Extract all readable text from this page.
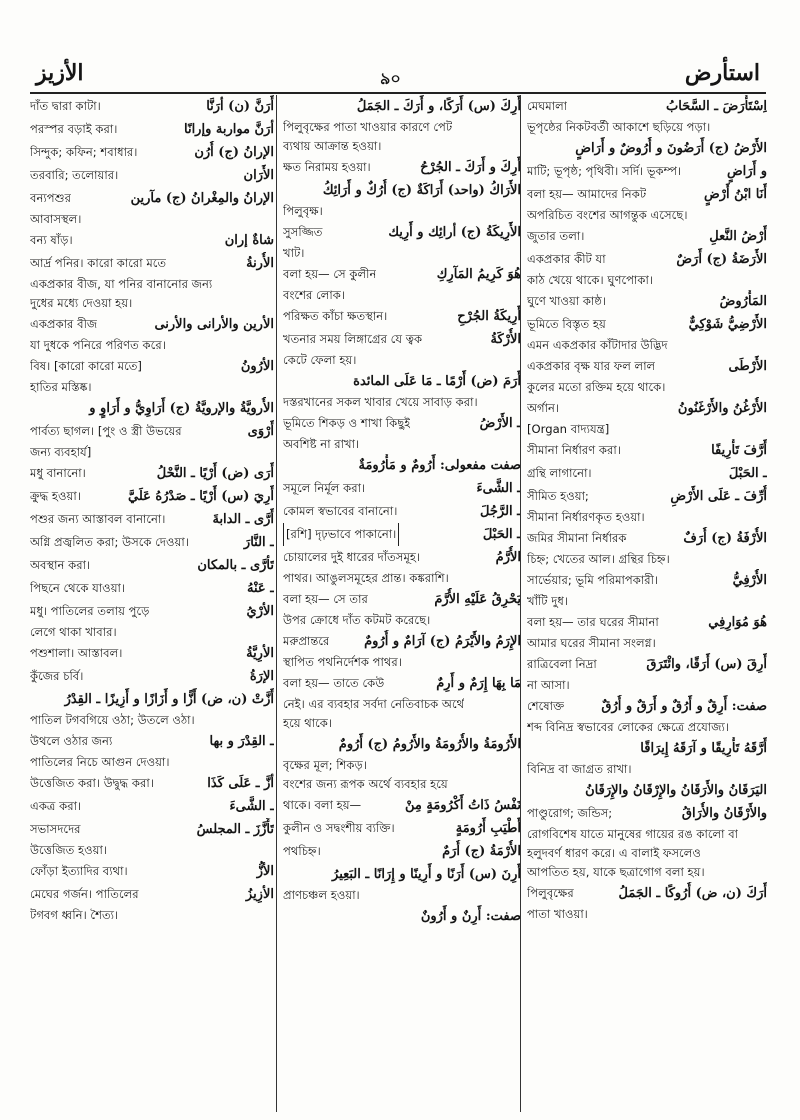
الأزيز	৯০	استأرض
أَرَنَّ (ن) أرَنَّا
দাঁত দ্বারা কাটা।
أرَنَّ مواربة وإرانًا
পরস্পর বড়াই করা।
الإرانُ (ج) أُرُن
সিন্দুক; কফিন; শবাধার।
الأَرَان
তরবারি; তলোয়ার।
الإرانُ والمِغْرانُ (ج) مآرين
বন্যপশুর
আবাসস্থল।
شاةٌ إران
বন্য ষাঁড়।
الأُرنةُ
আর্দ্র পনির। কারো কারো মতে
একপ্রকার বীজ, যা পনির বানানোর জন্য
দুধের মধ্যে দেওয়া হয়।
الأرين والأرانى والأرنى
একপ্রকার বীজ
যা দুধকে পনিরে পরিণত করে।
الأرُونُ
বিষ। [কারো কারো মতে]
হাতির মস্তিষ্ক।
الأُرويَّةُ والإرويَّةُ (ج) أَرَاوِيُّ و أَرَاوٍ و
أَرْوَى
পার্বত্য ছাগল। [পুং ও স্ত্রী উভয়ের
জন্য ব্যবহার্য]
أَرَى (ض) أَرْيًا ـ النَّحْلُ
মধু বানানো।
أَرِيَ (س) أَرْيًا ـ صَدْرُهُ عَلَيَّ
ক্রুদ্ধ হওয়া।
أَرَّى ـ الدابةَ
পশুর জন্য আস্তাবল বানানো।
ـ النَّارَ
অগ্নি প্রজ্বলিত করা; উসকে দেওয়া।
تَأرَّى ـ بالمكان
অবস্থান করা।
ـ عَنْهُ
পিছনে থেকে যাওয়া।
الأرْيُ
মধু। পাতিলের তলায় পুড়ে
লেগে থাকা খাবার।
الأرِيَّةُ
পশুশালা। আস্তাবল।
الإرَةُ
কুঁজের চর্বি।
أَزَّتْ (ن، ض) أَزًّا و أَزَازًا و أَزِيزًا ـ القِدْرُ
পাতিল টগবগিয়ে ওঠা; উতলে ওঠা।
ـ القِدْرَ و بها
উথলে ওঠার জন্য
পাতিলের নিচে আগুন দেওয়া।
أزَّ ـ عَلَى كَذَا
উত্তেজিত করা। উদ্বুদ্ধ করা।
ـ الشَّىءَ
একত্র করা।
تَأَزَّزَ ـ المجلسُ
সভাসদদের
উত্তেজিত হওয়া।
الأزُّ
ফোঁড়া ইত্যাদির ব্যথা।
الأزِيزُ
মেঘের গর্জন। পাতিলের
টগবগ ধ্বনি। শৈত্য।
أَرِكَ (س) أَرَكًا، و أَرَكَ ـ الجَمَلُ
পিলুবৃক্ষের পাতা খাওয়ার কারণে পেট
ব্যথায় আক্রান্ত হওয়া।
أَرِكَ و أَرَكَ ـ الجُرْحُ
ক্ষত নিরাময় হওয়া।
الأَرَاكُ (واحد) أَرَاكَةٌ (ج) أُرُكٌ و أَرَائِكُ
পিলুবৃক্ষ।
الأَرِيكَةُ (ج) أرائِك و أَرِيك
সুসজ্জিত
খাট।
هُوَ كَرِيمُ المَآرِكِ
বলা হয়— সে কুলীন
বংশের লোক।
أَرِيكَةُ الجُرْحِ
পরিক্ষত কাঁচা ক্ষতস্থান।
الأُرْكَةُ
খতনার সময় লিঙ্গাগ্রের যে ত্বক
কেটে ফেলা হয়।
أَرَمَ (ض) أَرْمًا ـ مَا عَلَى المائدة
দস্তরখানের সকল খাবার খেয়ে সাবাড় করা।
ـ الأَرْضُ
ভূমিতে শিকড় ও শাখা কিছুই
অবশিষ্ট না রাখা।
صفت مفعولى: أَرُومٌ و مَأْرُومَةٌ
ـ الشَّىءَ
সমূলে নির্মূল করা।
ـ الرَّجُلَ
কোমল স্বভাবের বানানো।
ـ الحَبْلَ
[রশি] দৃঢ়ভাবে পাকানো।
الأُرَّمُ
চোয়ালের দুই ধারের দাঁতসমূহ।
পাথর। আঙুলসমূহের প্রান্ত। কঙ্করাশি।
يَحْرِقُ عَلَيْهِ الأُرَّمَ
বলা হয়— সে তার
উপর ক্রোধে দাঁত কটমট করেছে।
الإِرَمُ والأَيْرَمُ (ج) آرَامٌ و أُرُومٌ
মরুপ্রান্তরে
স্থাপিত পথনির্দেশক পাথর।
مَا بِهَا إِرَمٌ و أَرِمٌ
বলা হয়— তাতে কেউ
নেই। এর ব্যবহার সর্বদা নেতিবাচক অর্থে
হয়ে থাকে।
الأَرُومَةُ والأُرُومَةُ والأَرُومُ (ج) أَرُومٌ
বৃক্ষের মূল; শিকড়।
বংশের জন্য রূপক অর্থে ব্যবহার হয়ে
نَفْسُ ذَاتُ أَكْرُومَةٍ مِنْ
থাকে। বলা হয়—
أَطْيَبِ أَرُومَةٍ
কুলীন ও সদ্বংশীয় ব্যক্তি।
الأُرْمَةُ (ج) أُرَمٌ
পথচিহ্ন।
أَرِنَ (س) أَرَنًا و أَرِينًا و إِرَانًا ـ البَعِيرُ
প্রাণচঞ্চল হওয়া।
صفت: أَرِنٌ و أَرُونٌ
اِسْتَأْرَضَ ـ السَّحَابُ
মেঘমালা
ভূপৃষ্ঠের নিকটবর্তী আকাশে ছড়িয়ে পড়া।
الأَرْضُ (ج) أَرَضُونَ و أُرُوضٌ و أَرَاضٍ
و أَرَاضٍ
মাটি; ভূপৃষ্ঠ; পৃথিবী। সর্দি। ভূকম্প।
أَنَا ابْنُ أَرْضٍ
বলা হয়— আমাদের নিকট
অপরিচিত বংশের আগন্তুক এসেছে।
أَرْضُ النَّعلِ
জুতার তলা।
الأَرَضَةُ (ج) أَرَضٌ
একপ্রকার কীট যা
কাঠ খেয়ে থাকে। ঘুণপোকা।
المَأْرُوضُ
ঘুণে খাওয়া কাষ্ঠ।
الأَرْضِيُّ شَوْكِيٌّ
ভূমিতে বিস্তৃত হয়
এমন একপ্রকার কাঁটাদার উদ্ভিদ
الأَرْطَى
একপ্রকার বৃক্ষ যার ফল লাল
কুলের মতো রক্তিম হয়ে থাকে।
الأُرْغُنُ والأَرْغَنُونُ
অর্গান।
[Organ বাদ্যযন্ত্র]
أَرَّفَ تَأْرِيفًا
সীমানা নির্ধারণ করা।
ـ الحَبْلَ
গ্রন্থি লাগানো।
أُرِّفَ ـ عَلَى الأَرْضِ
সীমিত হওয়া;
সীমানা নির্ধারণকৃত হওয়া।
الأُرْفَةُ (ج) أُرَفٌ
জমির সীমানা নির্ধারক
চিহ্ন; খেতের আল। গ্রন্থির চিহ্ন।
الأُرْفِيُّ
সার্ভেয়ার; ভূমি পরিমাপকারী।
খাঁটি দুধ।
هُوَ مُوَارِفِي
বলা হয়— তার ঘরের সীমানা
আমার ঘরের সীমানা সংলগ্ন।
أَرِقَ (س) أَرَقًا، وائْتَرَقَ
রাত্রিবেলা নিদ্রা
না আসা।
صفت: أَرِقٌ و أَرُقٌ و أَرَقٌ و أُرُقٌ
শেষোক্ত
শব্দ বিনিদ্র স্বভাবের লোকের ক্ষেত্রে প্রযোজ্য।
أَرَّقَهُ تَأْرِيقًا و آرَقَهُ إِيرَاقًا
বিনিদ্র বা জাগ্রত রাখা।
اليَرَقَانُ والأَرَقَانُ والإِرْقَانُ والإِرَقَانُ
والأَرْقَانُ والأُرَاقُ
পাণ্ডুরোগ; জন্ডিস;
রোগবিশেষ যাতে মানুষের গায়ের রঙ কালো বা
হলুদবর্ণ ধারণ করে। এ বালাই ফসলেও
আপতিত হয়, যাকে ছত্রাগোগ বলা হয়।
أَرَكَ (ن، ض) أُرُوكًا ـ الجَمَلُ
পিলুবৃক্ষের
পাতা খাওয়া।
